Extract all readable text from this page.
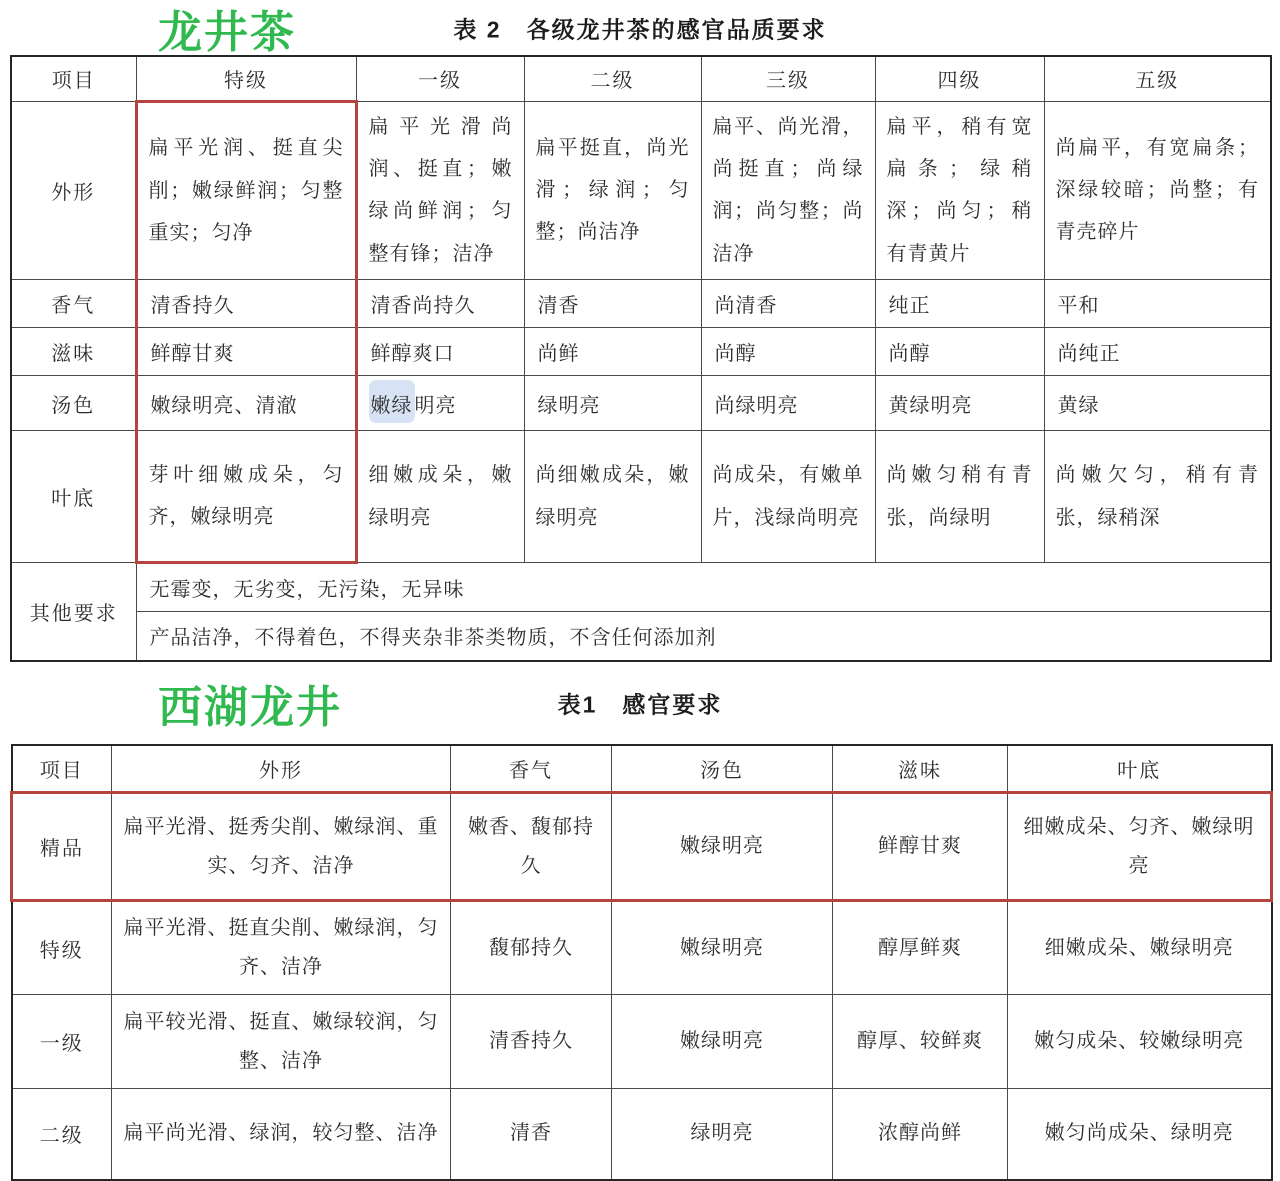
龙井茶	表 2　各级龙井茶的感官品质要求
项目	特级	一级	二级	三级	四级	五级
外形	扁平光润、挺直尖削；嫩绿鲜润；匀整重实；匀净	扁平光滑尚润、挺直；嫩绿尚鲜润；匀整有锋；洁净	扁平挺直，尚光滑；绿润；匀整；尚洁净	扁平、尚光滑，尚挺直；尚绿润；尚匀整；尚洁净	扁平，稍有宽扁条；绿稍深；尚匀；稍有青黄片	尚扁平，有宽扁条；深绿较暗；尚整；有青壳碎片
香气	清香持久	清香尚持久	清香	尚清香	纯正	平和
滋味	鲜醇甘爽	鲜醇爽口	尚鲜	尚醇	尚醇	尚纯正
汤色	嫩绿明亮、清澈	嫩绿 明亮	绿明亮	尚绿明亮	黄绿明亮	黄绿
叶底	芽叶细嫩成朵，匀齐，嫩绿明亮	细嫩成朵，嫩绿明亮	尚细嫩成朵，嫩绿明亮	尚成朵，有嫩单片，浅绿尚明亮	尚嫩匀稍有青张，尚绿明	尚嫩欠匀，稍有青张，绿稍深
其他要求	无霉变，无劣变，无污染，无异味					
	产品洁净，不得着色，不得夹杂非茶类物质，不含任何添加剂					
西湖龙井	表1　感官要求
项目	外形	香气	汤色	滋味	叶底
精品	扁平光滑、挺秀尖削、嫩绿润、重实、匀齐、洁净	嫩香、馥郁持久	嫩绿明亮	鲜醇甘爽	细嫩成朵、匀齐、嫩绿明亮
特级	扁平光滑、挺直尖削、嫩绿润，匀齐、洁净	馥郁持久	嫩绿明亮	醇厚鲜爽	细嫩成朵、嫩绿明亮
一级	扁平较光滑、挺直、嫩绿较润，匀整、洁净	清香持久	嫩绿明亮	醇厚、较鲜爽	嫩匀成朵、较嫩绿明亮
二级	扁平尚光滑、绿润，较匀整、洁净	清香	绿明亮	浓醇尚鲜	嫩匀尚成朵、绿明亮
